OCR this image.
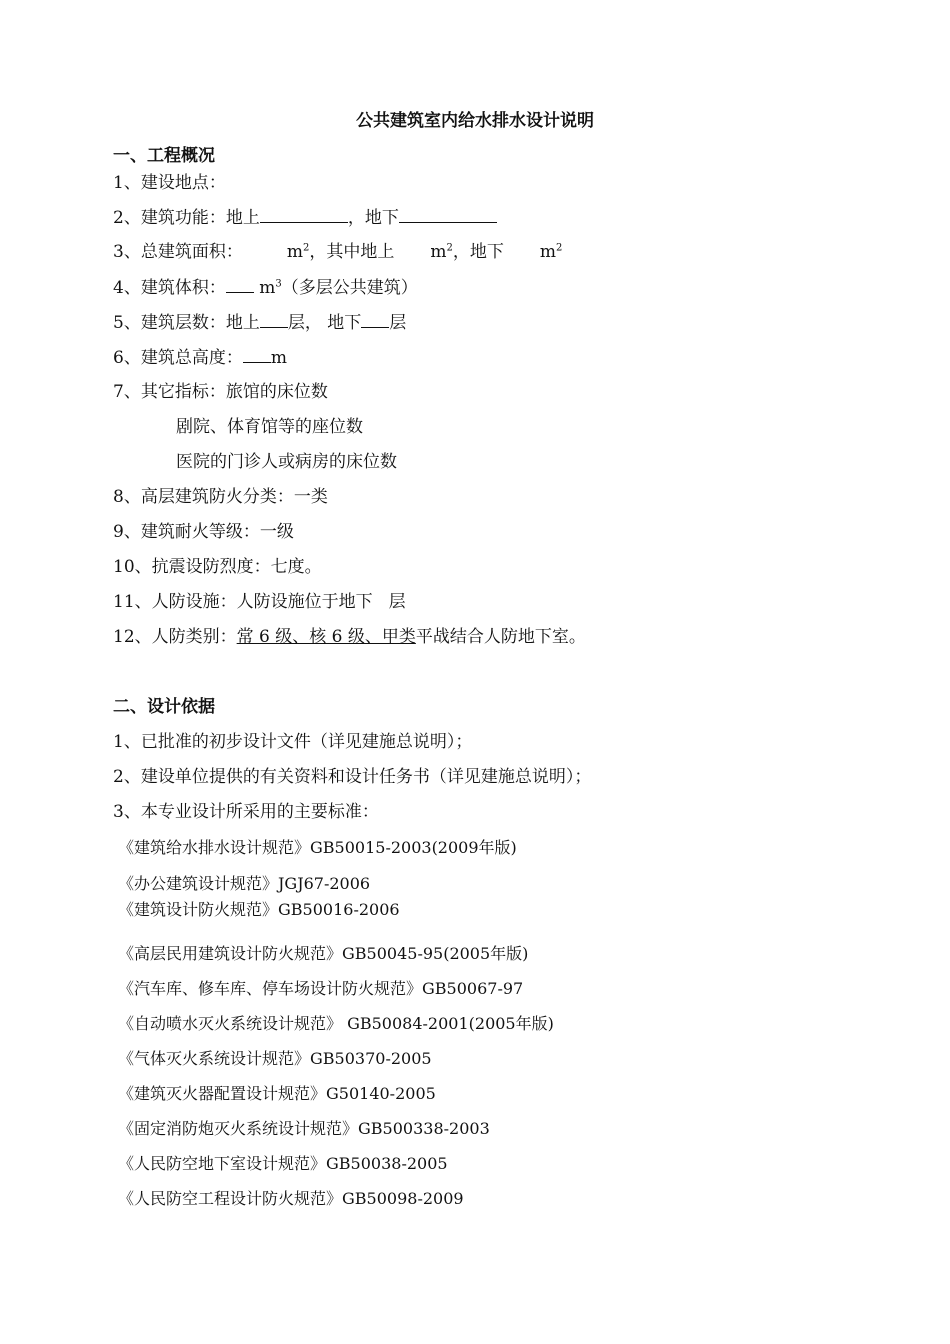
公共建筑室内给水排水设计说明

一、工程概况

1、建设地点：

2、建筑功能：地上	，地下

3、总建筑面积：	$m^2$，其中地上 $m^2$，地下 $m^2$

4、建筑体积： $m^3$（多层公共建筑）

5、建筑层数：地上 层， 地下 层

6、建筑总高度： m

7、其它指标：旅馆的床位数

剧院、体育馆等的座位数

医院的门诊人或病房的床位数

8、高层建筑防火分类：一类

9、建筑耐火等级：一级

10、抗震设防烈度：七度。

11、人防设施：人防设施位于地下 层

12、人防类别：常 6 级、核 6 级、甲类平战结合人防地下室。

二、设计依据

1、已批准的初步设计文件（详见建施总说明）；

2、建设单位提供的有关资料和设计任务书（详见建施总说明）；

3、本专业设计所采用的主要标准：

《建筑给水排水设计规范》GB50015-2003(2009年版)

《办公建筑设计规范》JGJ67-2006

《建筑设计防火规范》GB50016-2006

《高层民用建筑设计防火规范》GB50045-95(2005年版)

《汽车库、修车库、停车场设计防火规范》GB50067-97

《自动喷水灭火系统设计规范》 GB50084-2001(2005年版)

《气体灭火系统设计规范》GB50370-2005

《建筑灭火器配置设计规范》G50140-2005

《固定消防炮灭火系统设计规范》GB500338-2003

《人民防空地下室设计规范》GB50038-2005

《人民防空工程设计防火规范》GB50098-2009
